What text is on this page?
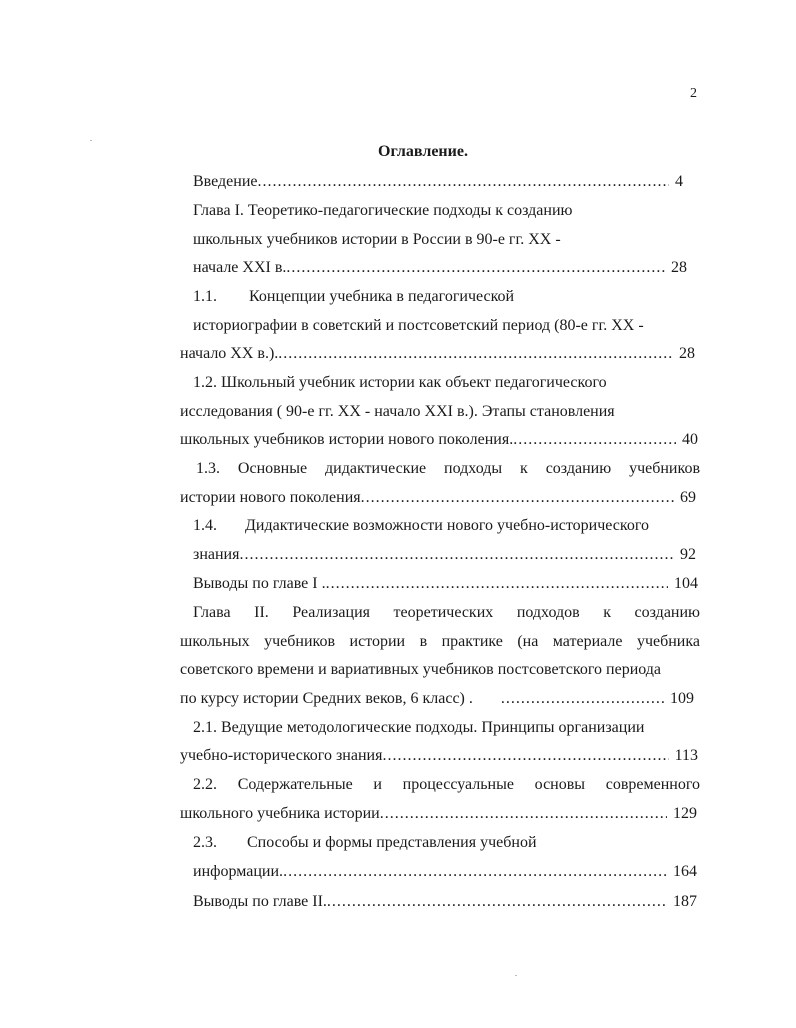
2
Оглавление.
Введение .....	4
Глава I. Теоретико-педагогические подходы к созданию
школьных учебников истории в России в 90-е гг. XX -
начале XXI в. .....	28
1.1. Концепции учебника в педагогической
историографии в советский и постсоветский период (80-е гг. XX -
начало XX в.). .....	28
1.2. Школьный учебник истории как объект педагогического
исследования ( 90-е гг. XX - начало XXI в.). Этапы становления
школьных учебников истории нового поколения. .....	40
1.3. Основные дидактические подходы к созданию учебников
истории нового поколения .....	69
1.4. Дидактические возможности нового учебно-исторического
знания .....	92
Выводы по главе I . .....	104
Глава II. Реализация теоретических подходов к созданию
школьных учебников истории в практике (на материале учебника
советского времени и вариативных учебников постсоветского периода
по курсу истории Средних веков, 6 класс) . .....	109
2.1. Ведущие методологические подходы. Принципы организации
учебно-исторического знания .....	113
2.2. Содержательные и процессуальные основы современного
школьного учебника истории .....	129
2.3. Способы и формы представления учебной
информации. .....	164
Выводы по главе II. .....	187
